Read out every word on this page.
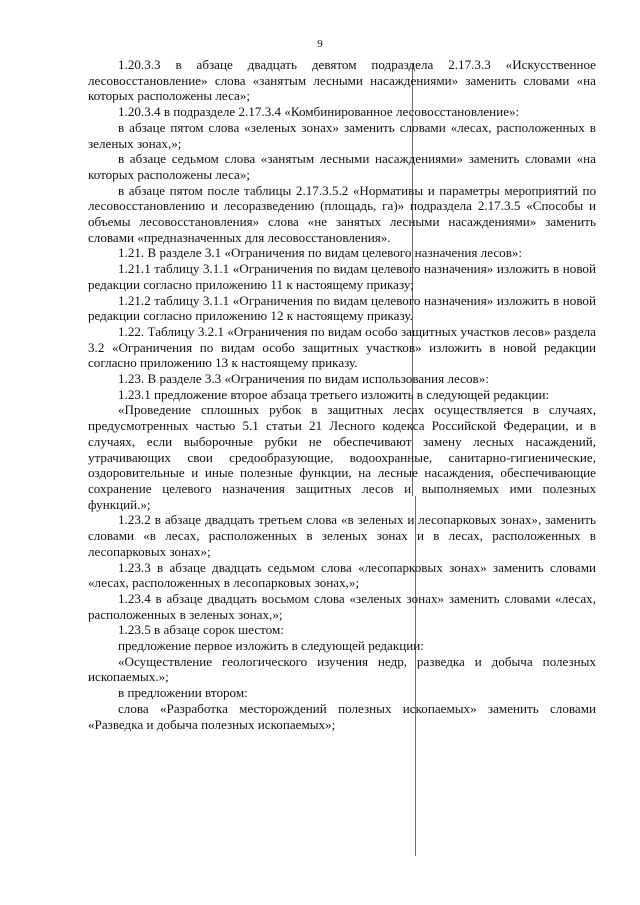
9

1.20.3.3 в абзаце двадцать девятом подраздела 2.17.3.3 «Искусственное лесовосстановление» слова «занятым лесными насаждениями» заменить словами «на которых расположены леса»;

1.20.3.4 в подразделе 2.17.3.4 «Комбинированное лесовосстановление»:

в абзаце пятом слова «зеленых зонах» заменить словами «лесах, расположенных в зеленых зонах,»;

в абзаце седьмом слова «занятым лесными насаждениями» заменить словами «на которых расположены леса»;

в абзаце пятом после таблицы 2.17.3.5.2 «Нормативы и параметры мероприятий по лесовосстановлению и лесоразведению (площадь, га)» подраздела 2.17.3.5 «Способы и объемы лесовосстановления» слова «не занятых лесными насаждениями» заменить словами «предназначенных для лесовосстановления».

1.21. В разделе 3.1 «Ограничения по видам целевого назначения лесов»:

1.21.1 таблицу 3.1.1 «Ограничения по видам целевого назначения» изложить в новой редакции согласно приложению 11 к настоящему приказу;

1.21.2 таблицу 3.1.1 «Ограничения по видам целевого назначения» изложить в новой редакции согласно приложению 12 к настоящему приказу.

1.22. Таблицу 3.2.1 «Ограничения по видам особо защитных участков лесов» раздела 3.2 «Ограничения по видам особо защитных участков» изложить в новой редакции согласно приложению 13 к настоящему приказу.

1.23. В разделе 3.3 «Ограничения по видам использования лесов»:

1.23.1 предложение второе абзаца третьего изложить в следующей редакции:

«Проведение сплошных рубок в защитных лесах осуществляется в случаях, предусмотренных частью 5.1 статьи 21 Лесного кодекса Российской Федерации, и в случаях, если выборочные рубки не обеспечивают замену лесных насаждений, утрачивающих свои средообразующие, водоохранные, санитарно-гигиенические, оздоровительные и иные полезные функции, на лесные насаждения, обеспечивающие сохранение целевого назначения защитных лесов и выполняемых ими полезных функций.»;

1.23.2 в абзаце двадцать третьем слова «в зеленых и лесопарковых зонах», заменить словами «в лесах, расположенных в зеленых зонах и в лесах, расположенных в лесопарковых зонах»;

1.23.3 в абзаце двадцать седьмом слова «лесопарковых зонах» заменить словами «лесах, расположенных в лесопарковых зонах,»;

1.23.4 в абзаце двадцать восьмом слова «зеленых зонах» заменить словами «лесах, расположенных в зеленых зонах,»;

1.23.5 в абзаце сорок шестом:

предложение первое изложить в следующей редакции:

«Осуществление геологического изучения недр, разведка и добыча полезных ископаемых.»;

в предложении втором:

слова «Разработка месторождений полезных ископаемых» заменить словами «Разведка и добыча полезных ископаемых»;
